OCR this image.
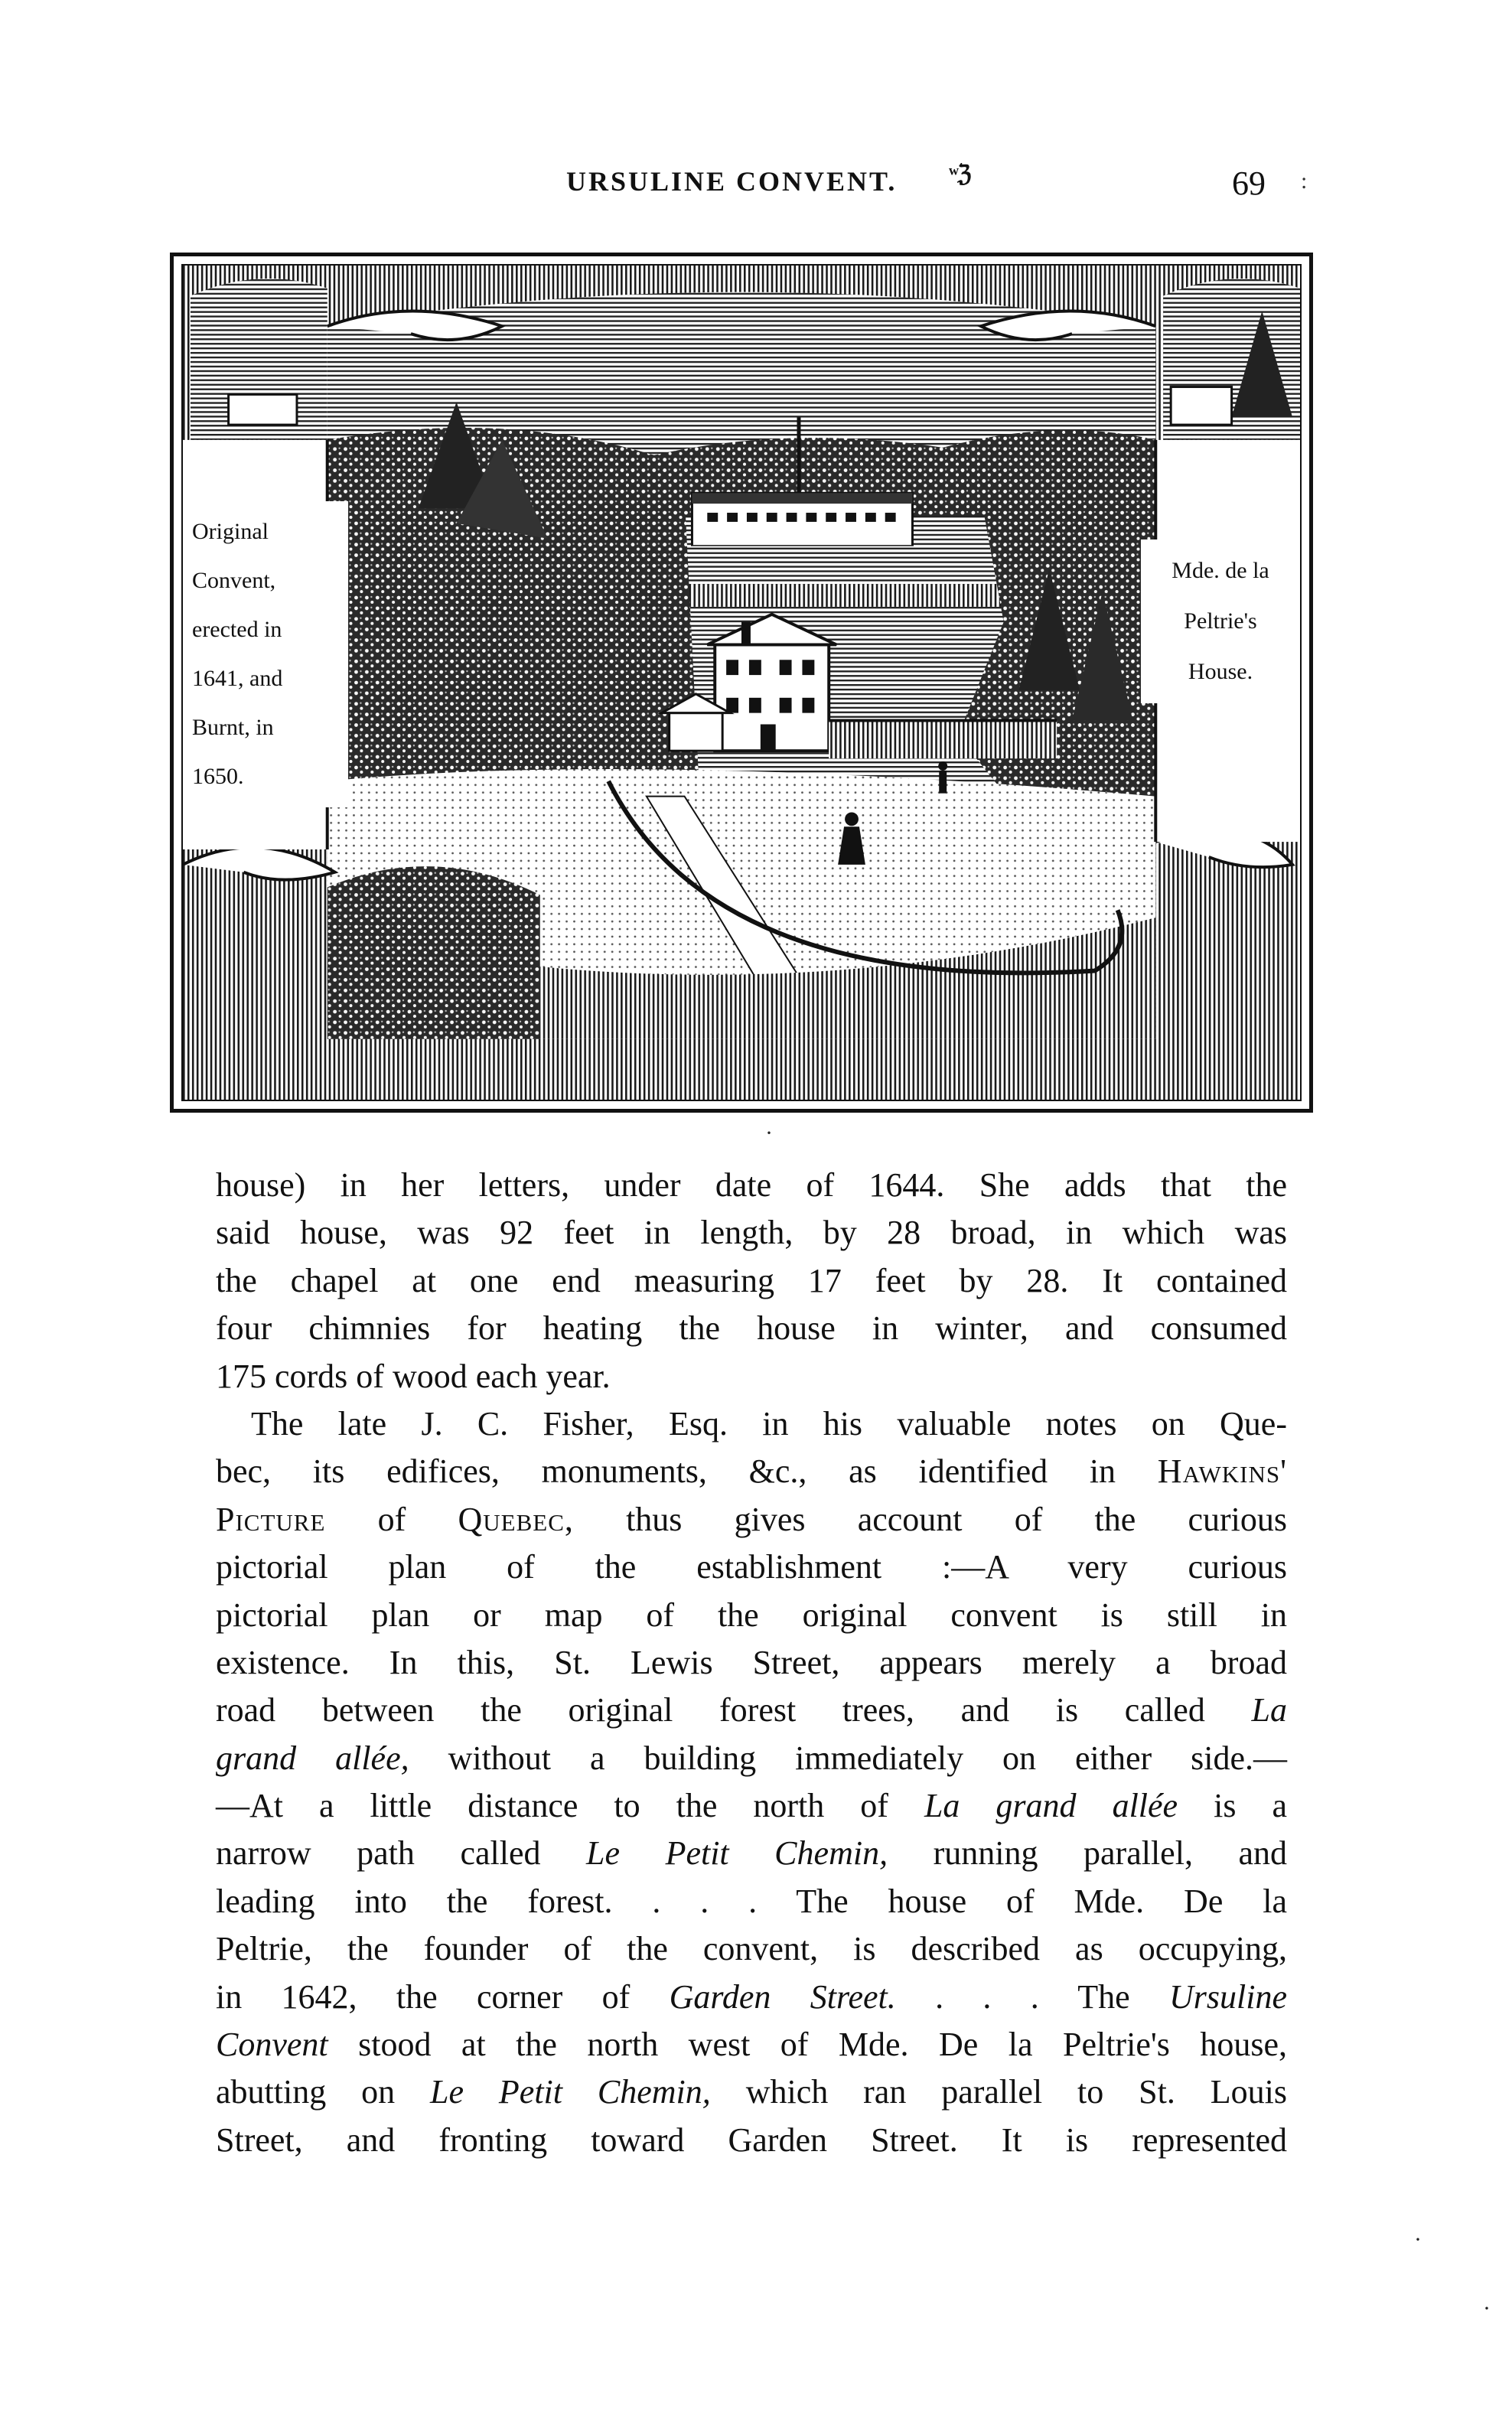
URSULINE CONVENT. ʷℨ	69 :
Original
Convent,
erected in
1641, and
Burnt, in
1650.
Mde. de la
Peltrie's
House.
house) in her letters, under date of 1644. She adds that the
said house, was 92 feet in length, by 28 broad, in which was
the chapel at one end measuring 17 feet by 28. It contained
four chimnies for heating the house in winter, and consumed
175 cords of wood each year.
The late J. C. Fisher, Esq. in his valuable notes on Que-
bec, its edifices, monuments, &c., as identified in Hawkins'
Picture of Quebec, thus gives account of the curious
pictorial plan of the establishment :—A very curious
pictorial plan or map of the original convent is still in
existence. In this, St. Lewis Street, appears merely a broad
road between the original forest trees, and is called La
grand allée, without a building immediately on either side.—
—At a little distance to the north of La grand allée is a
narrow path called Le Petit Chemin, running parallel, and
leading into the forest. . . . The house of Mde. De la
Peltrie, the founder of the convent, is described as occupying,
in 1642, the corner of Garden Street. . . . The Ursuline
Convent stood at the north west of Mde. De la Peltrie's house,
abutting on Le Petit Chemin, which ran parallel to St. Louis
Street, and fronting toward Garden Street. It is represented
·
·
·
